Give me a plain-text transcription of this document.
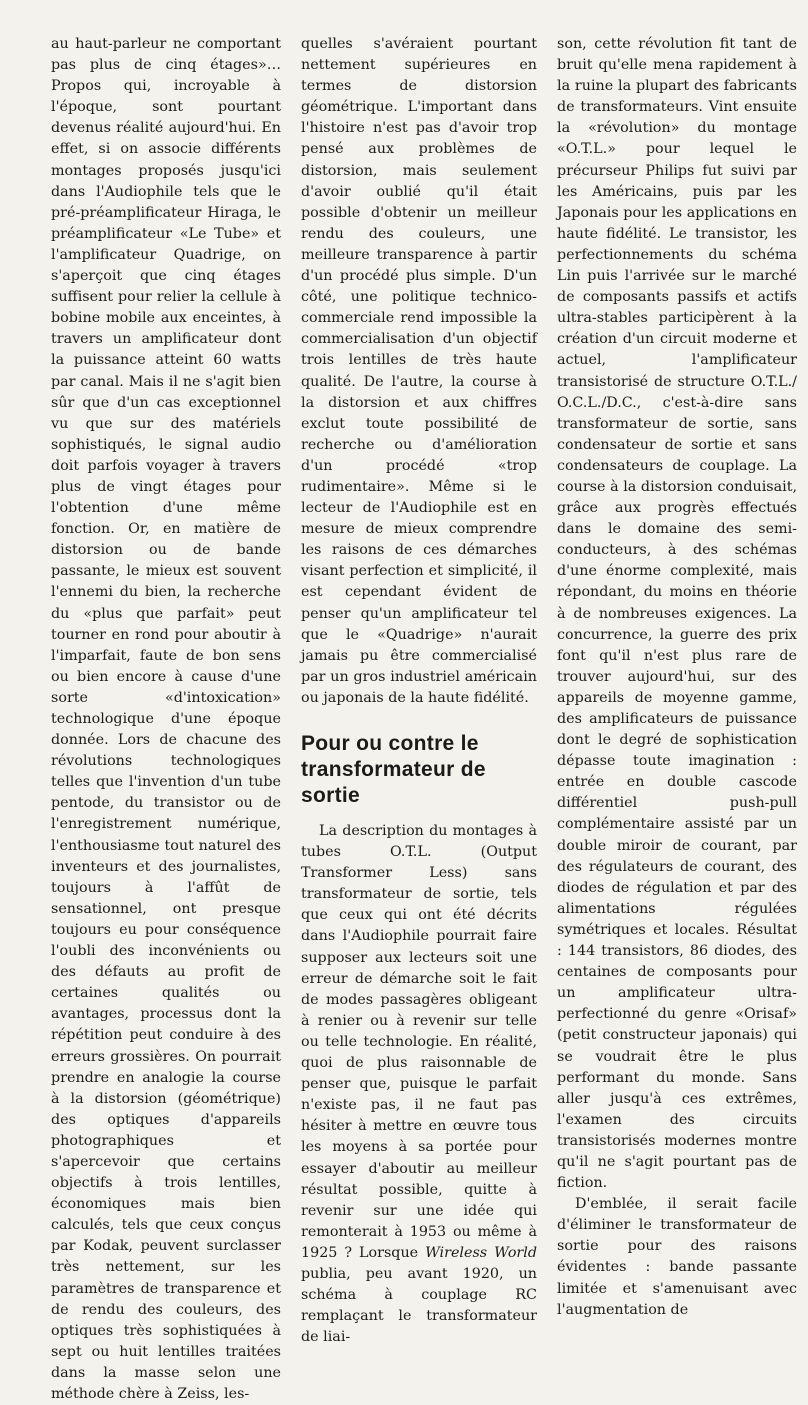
au haut-parleur ne comportant pas plus de cinq étages»… Propos qui, incroyable à l'époque, sont pourtant devenus réalité aujourd'hui. En effet, si on associe différents montages proposés jusqu'ici dans l'Audiophile tels que le pré-préamplificateur Hiraga, le préamplificateur «Le Tube» et l'amplificateur Quadrige, on s'aperçoit que cinq étages suffisent pour relier la cellule à bobine mobile aux enceintes, à travers un amplificateur dont la puissance atteint 60 watts par canal. Mais il ne s'agit bien sûr que d'un cas exceptionnel vu que sur des matériels sophistiqués, le signal audio doit parfois voyager à travers plus de vingt étages pour l'obtention d'une même fonction. Or, en matière de distorsion ou de bande passante, le mieux est souvent l'ennemi du bien, la recherche du «plus que parfait» peut tourner en rond pour aboutir à l'imparfait, faute de bon sens ou bien encore à cause d'une sorte «d'intoxication» technologique d'une époque donnée. Lors de chacune des révolutions technologiques telles que l'invention d'un tube pentode, du transistor ou de l'enregistrement numérique, l'enthousiasme tout naturel des inventeurs et des journalistes, toujours à l'affût de sensationnel, ont presque toujours eu pour conséquence l'oubli des inconvénients ou des défauts au profit de certaines qualités ou avantages, processus dont la répétition peut conduire à des erreurs grossières. On pourrait prendre en analogie la course à la distorsion (géométrique) des optiques d'appareils photographiques et s'apercevoir que certains objectifs à trois lentilles, économiques mais bien calculés, tels que ceux conçus par Kodak, peuvent surclasser très nettement, sur les paramètres de transparence et de rendu des couleurs, des optiques très sophistiquées à sept ou huit lentilles traitées dans la masse selon une méthode chère à Zeiss, les-

quelles s'avéraient pourtant nettement supérieures en termes de distorsion géométrique. L'important dans l'histoire n'est pas d'avoir trop pensé aux problèmes de distorsion, mais seulement d'avoir oublié qu'il était possible d'obtenir un meilleur rendu des couleurs, une meilleure transparence à partir d'un procédé plus simple. D'un côté, une politique technico-commerciale rend impossible la commercialisation d'un objectif trois lentilles de très haute qualité. De l'autre, la course à la distorsion et aux chiffres exclut toute possibilité de recherche ou d'amélioration d'un procédé «trop rudimentaire». Même si le lecteur de l'Audiophile est en mesure de mieux comprendre les raisons de ces démarches visant perfection et simplicité, il est cependant évident de penser qu'un amplificateur tel que le «Quadrige» n'aurait jamais pu être commercialisé par un gros industriel américain ou japonais de la haute fidélité.

Pour ou contre le transformateur de sortie

La description du montages à tubes O.T.L. (Output Transformer Less) sans transformateur de sortie, tels que ceux qui ont été décrits dans l'Audiophile pourrait faire supposer aux lecteurs soit une erreur de démarche soit le fait de modes passagères obligeant à renier ou à revenir sur telle ou telle technologie. En réalité, quoi de plus raisonnable de penser que, puisque le parfait n'existe pas, il ne faut pas hésiter à mettre en œuvre tous les moyens à sa portée pour essayer d'aboutir au meilleur résultat possible, quitte à revenir sur une idée qui remonterait à 1953 ou même à 1925 ? Lorsque Wireless World publia, peu avant 1920, un schéma à couplage RC remplaçant le transformateur de liai-

son, cette révolution fit tant de bruit qu'elle mena rapidement à la ruine la plupart des fabricants de transformateurs. Vint ensuite la «révolution» du montage «O.T.L.» pour lequel le précurseur Philips fut suivi par les Américains, puis par les Japonais pour les applications en haute fidélité. Le transistor, les perfectionnements du schéma Lin puis l'arrivée sur le marché de composants passifs et actifs ultra-stables participèrent à la création d'un circuit moderne et actuel, l'amplificateur transistorisé de structure O.T.L./ O.C.L./D.C., c'est-à-dire sans transformateur de sortie, sans condensateur de sortie et sans condensateurs de couplage. La course à la distorsion conduisait, grâce aux progrès effectués dans le domaine des semi-conducteurs, à des schémas d'une énorme complexité, mais répondant, du moins en théorie à de nombreuses exigences. La concurrence, la guerre des prix font qu'il n'est plus rare de trouver aujourd'hui, sur des appareils de moyenne gamme, des amplificateurs de puissance dont le degré de sophistication dépasse toute imagination : entrée en double cascode différentiel push-pull complémentaire assisté par un double miroir de courant, par des régulateurs de courant, des diodes de régulation et par des alimentations régulées symétriques et locales. Résultat : 144 transistors, 86 diodes, des centaines de composants pour un amplificateur ultra-perfectionné du genre «Orisaf» (petit constructeur japonais) qui se voudrait être le plus performant du monde. Sans aller jusqu'à ces extrêmes, l'examen des circuits transistorisés modernes montre qu'il ne s'agit pourtant pas de fiction.

D'emblée, il serait facile d'éliminer le transformateur de sortie pour des raisons évidentes : bande passante limitée et s'amenuisant avec l'augmentation de
